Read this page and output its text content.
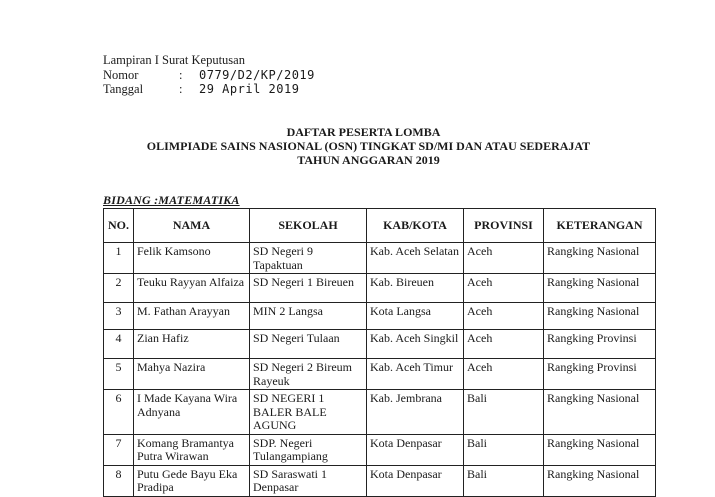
Lampiran I Surat Keputusan
Nomor	:	0779/D2/KP/2019
Tanggal	:	29 April 2019
DAFTAR PESERTA LOMBA
OLIMPIADE SAINS NASIONAL (OSN) TINGKAT SD/MI DAN ATAU SEDERAJAT
TAHUN ANGGARAN 2019
BIDANG :MATEMATIKA
NO.	NAMA	SEKOLAH	KAB/KOTA	PROVINSI	KETERANGAN
1	Felik Kamsono	SD Negeri 9 Tapaktuan	Kab. Aceh Selatan	Aceh	Rangking Nasional
2	Teuku Rayyan Alfaiza	SD Negeri 1 Bireuen	Kab. Bireuen	Aceh	Rangking Nasional
3	M. Fathan Arayyan	MIN 2 Langsa	Kota Langsa	Aceh	Rangking Nasional
4	Zian Hafiz	SD Negeri Tulaan	Kab. Aceh Singkil	Aceh	Rangking Provinsi
5	Mahya Nazira	SD Negeri 2 Bireum Rayeuk	Kab. Aceh Timur	Aceh	Rangking Provinsi
6	I Made Kayana Wira Adnyana	SD NEGERI 1 BALER BALE AGUNG	Kab. Jembrana	Bali	Rangking Nasional
7	Komang Bramantya Putra Wirawan	SDP. Negeri Tulangampiang	Kota Denpasar	Bali	Rangking Nasional
8	Putu Gede Bayu Eka Pradipa	SD Saraswati 1 Denpasar	Kota Denpasar	Bali	Rangking Nasional
